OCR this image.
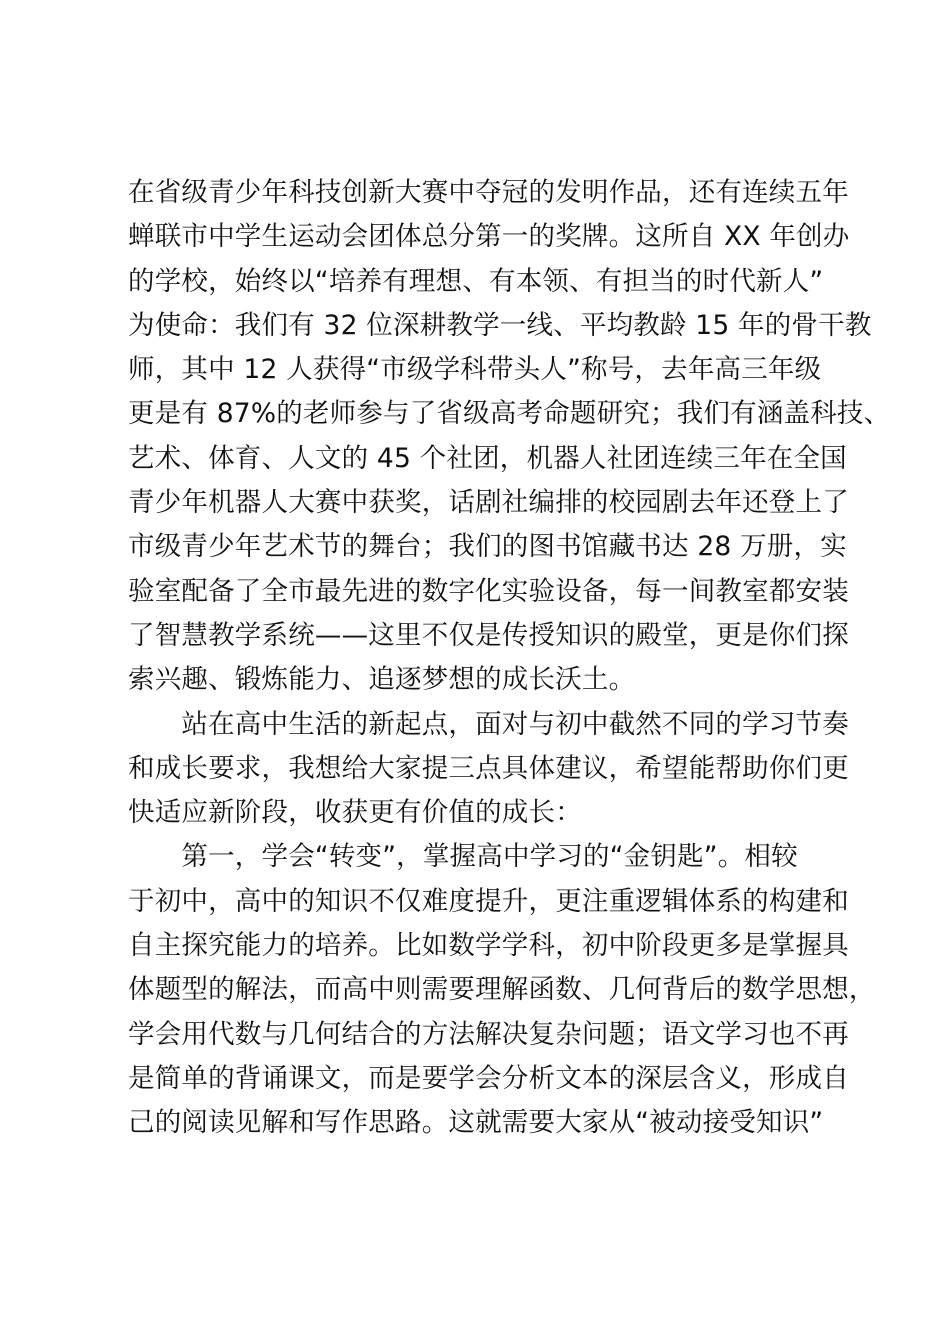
在省级青少年科技创新大赛中夺冠的发明作品，还有连续五年
蝉联市中学生运动会团体总分第一的奖牌。这所自 XX 年创办
的学校，始终以“培养有理想、有本领、有担当的时代新人”
为使命：我们有 32 位深耕教学一线、平均教龄 15 年的骨干教
师，其中 12 人获得“市级学科带头人”称号，去年高三年级
更是有 87%的老师参与了省级高考命题研究；我们有涵盖科技、
艺术、体育、人文的 45 个社团，机器人社团连续三年在全国
青少年机器人大赛中获奖，话剧社编排的校园剧去年还登上了
市级青少年艺术节的舞台；我们的图书馆藏书达 28 万册，实
验室配备了全市最先进的数字化实验设备，每一间教室都安装
了智慧教学系统——这里不仅是传授知识的殿堂，更是你们探
索兴趣、锻炼能力、追逐梦想的成长沃土。
　　站在高中生活的新起点，面对与初中截然不同的学习节奏
和成长要求，我想给大家提三点具体建议，希望能帮助你们更
快适应新阶段，收获更有价值的成长：
　　第一，学会“转变”，掌握高中学习的“金钥匙”。相较
于初中，高中的知识不仅难度提升，更注重逻辑体系的构建和
自主探究能力的培养。比如数学学科，初中阶段更多是掌握具
体题型的解法，而高中则需要理解函数、几何背后的数学思想，
学会用代数与几何结合的方法解决复杂问题；语文学习也不再
是简单的背诵课文，而是要学会分析文本的深层含义，形成自
己的阅读见解和写作思路。这就需要大家从“被动接受知识”
